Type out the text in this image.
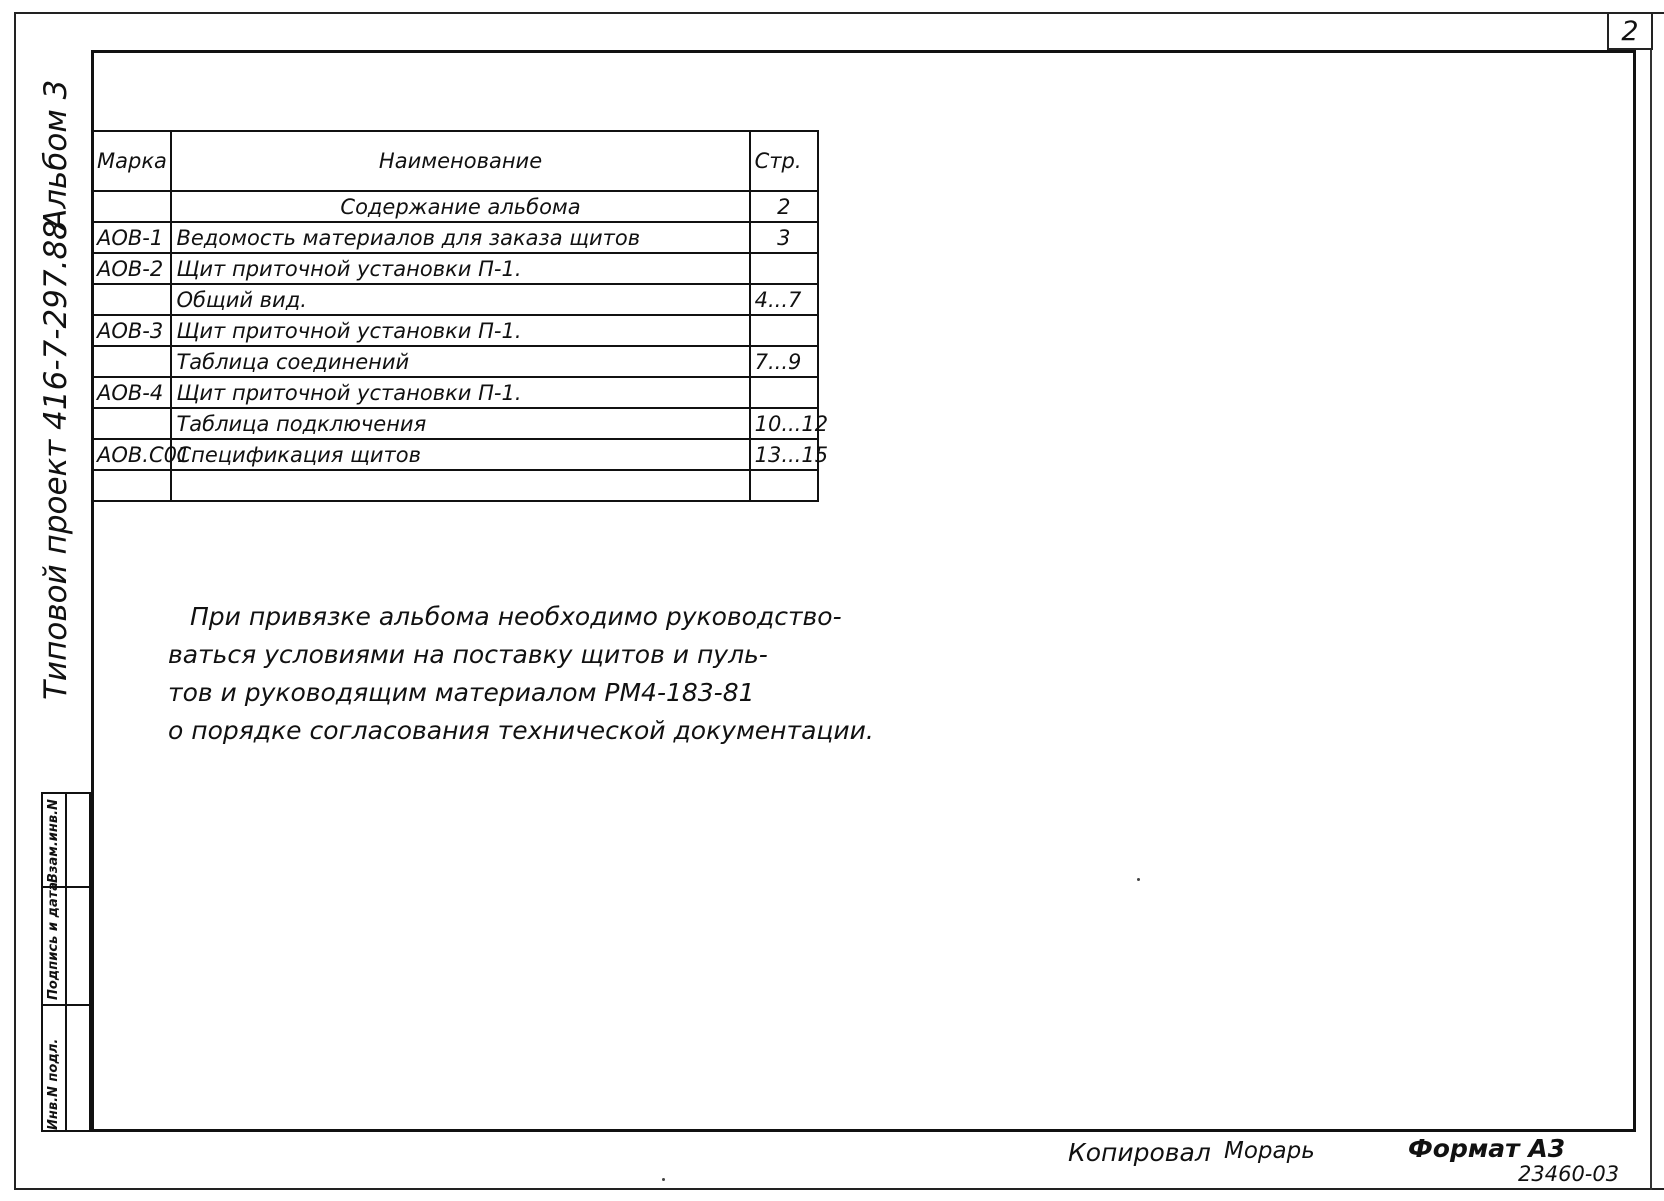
2
Альбом 3
Типовой проект 416-7-297.88
Инв.N подл.
Подпись и дата
Взам.инв.N
Марка	Наименование	Стр.
	Содержание альбома	2
АОВ-1	Ведомость материалов для заказа щитов	3
АОВ-2	Щит приточной установки П-1.	
	Общий вид.	4...7
АОВ-3	Щит приточной установки П-1.	
	Таблица соединений	7...9
АОВ-4	Щит приточной установки П-1.	
	Таблица подключения	10...12
АОВ.С01	Спецификация щитов	13...15

При привязке альбома необходимо руководство-
ваться условиями на поставку щитов и пуль-
тов и руководящим материалом РМ4-183-81
о порядке согласования технической документации.
Копировал Морарь	Формат А3
23460-03
